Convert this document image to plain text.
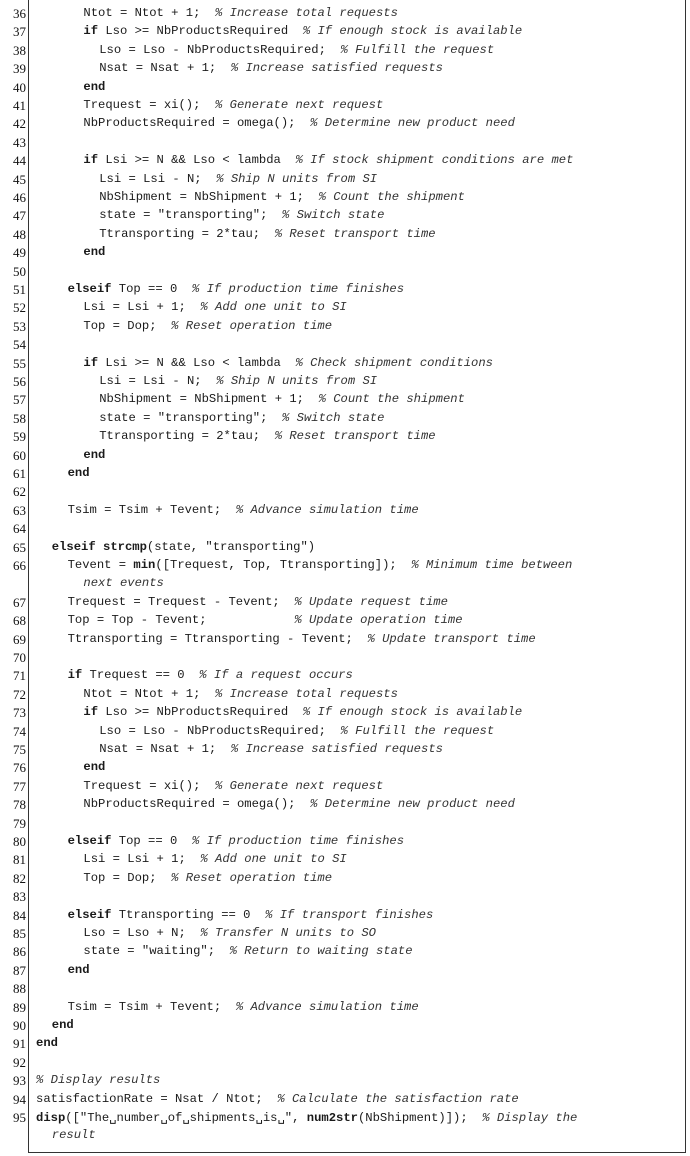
36	Ntot = Ntot + 1;  % Increase total requests
37	if Lso >= NbProductsRequired  % If enough stock is available
38	Lso = Lso - NbProductsRequired;  % Fulfill the request
39	Nsat = Nsat + 1;  % Increase satisfied requests
40	end
41	Trequest = xi();  % Generate next request
42	NbProductsRequired = omega();  % Determine new product need
43
44	if Lsi >= N && Lso < lambda  % If stock shipment conditions are met
45	Lsi = Lsi - N;  % Ship N units from SI
46	NbShipment = NbShipment + 1;  % Count the shipment
47	state = "transporting";  % Switch state
48	Ttransporting = 2*tau;  % Reset transport time
49	end
50
51	elseif Top == 0  % If production time finishes
52	Lsi = Lsi + 1;  % Add one unit to SI
53	Top = Dop;  % Reset operation time
54
55	if Lsi >= N && Lso < lambda  % Check shipment conditions
56	Lsi = Lsi - N;  % Ship N units from SI
57	NbShipment = NbShipment + 1;  % Count the shipment
58	state = "transporting";  % Switch state
59	Ttransporting = 2*tau;  % Reset transport time
60	end
61	end
62
63	Tsim = Tsim + Tevent;  % Advance simulation time
64
65 elseif strcmp(state, "transporting")
66	Tevent = min([Trequest, Top, Ttransporting]);  % Minimum time between
next events
67	Trequest = Trequest - Tevent;  % Update request time
68	Top = Top - Tevent;            % Update operation time
69	Ttransporting = Ttransporting - Tevent;  % Update transport time
70
71	if Trequest == 0  % If a request occurs
72	Ntot = Ntot + 1;  % Increase total requests
73	if Lso >= NbProductsRequired  % If enough stock is available
74	Lso = Lso - NbProductsRequired;  % Fulfill the request
75	Nsat = Nsat + 1;  % Increase satisfied requests
76	end
77	Trequest = xi();  % Generate next request
78	NbProductsRequired = omega();  % Determine new product need
79
80	elseif Top == 0  % If production time finishes
81	Lsi = Lsi + 1;  % Add one unit to SI
82	Top = Dop;  % Reset operation time
83
84	elseif Ttransporting == 0  % If transport finishes
85	Lso = Lso + N;  % Transfer N units to SO
86	state = "waiting";  % Return to waiting state
87	end
88
89	Tsim = Tsim + Tevent;  % Advance simulation time
90 end
91 end
92
93 % Display results
94 satisfactionRate = Nsat / Ntot;  % Calculate the satisfaction rate
95 disp(["The␣number␣of␣shipments␣is␣", num2str(NbShipment)]);  % Display the
result
